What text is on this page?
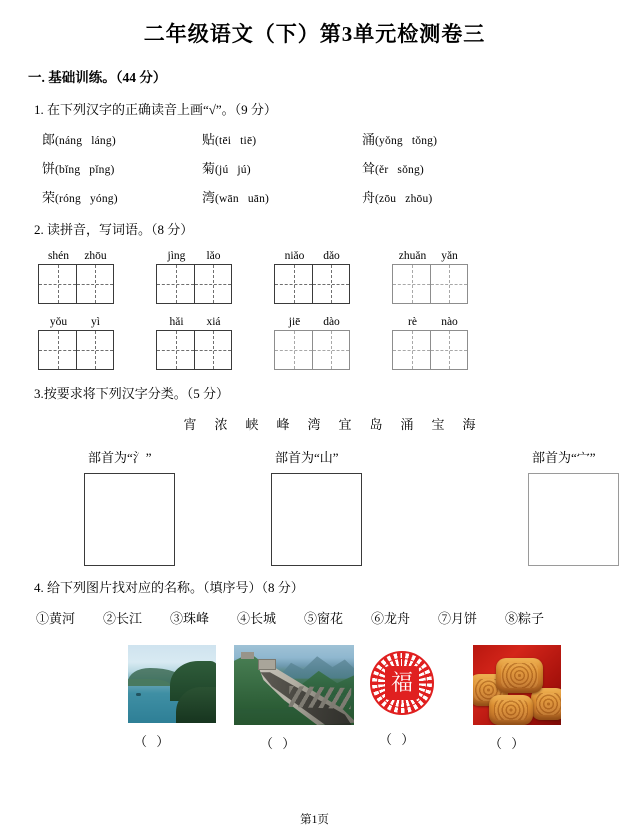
二年级语文（下）第3单元检测卷三
一. 基础训练。（44 分）
1. 在下列汉字的正确读音上画“√”。（9 分）
郎(náng láng)	贴(tēi tiē)	涌(yǒng tǒng)
饼(bǐng pǐng)	菊(jú jú)	耸(ěr sǒng)
荣(róng yóng)	湾(wān uān)	舟(zōu zhōu)
2. 读拼音，写词语。（8 分）
shén	zhōu	jìng	lǎo	niǎo	dǎo	zhuǎn	yǎn
yǒu	yì	hǎi	xiá	jiē	dào	rè	nào
3.按要求将下列汉字分类。（5 分）
宵 浓 峡 峰 湾 宜 岛 涌 宝 海
部首为“氵”	部首为“山”	部首为“宀”
4. 给下列图片找对应的名称。（填序号）（8 分）
①黄河	②长江	③珠峰	④长城	⑤窗花	⑥龙舟	⑦月饼	⑧粽子
（ ）	（ ）
福
（ ）	（ ）
第1页
